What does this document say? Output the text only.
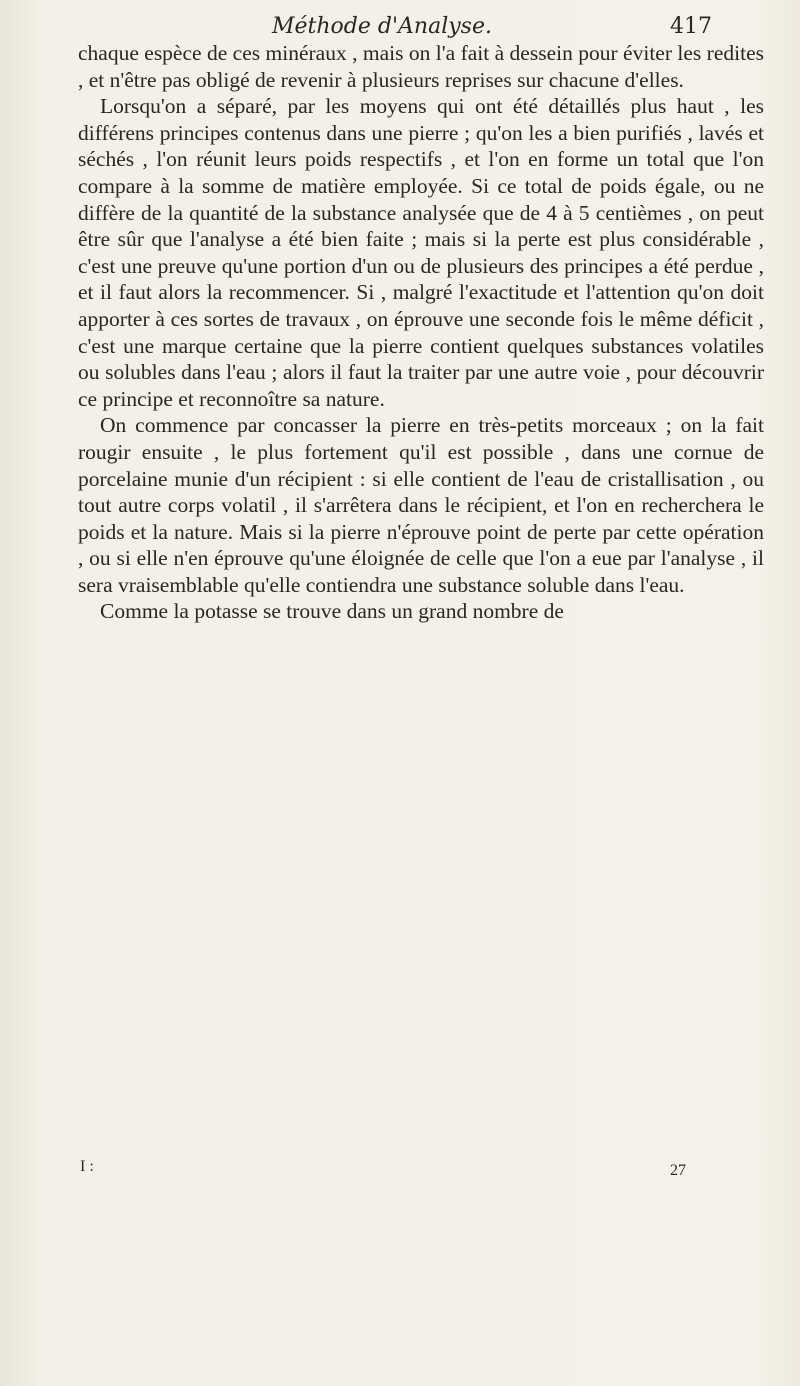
Méthode d'Analyse.	417

chaque espèce de ces minéraux , mais on l'a fait à dessein pour éviter les redites , et n'être pas obligé de revenir à plusieurs reprises sur chacune d'elles.

Lorsqu'on a séparé, par les moyens qui ont été détaillés plus haut , les différens principes contenus dans une pierre ; qu'on les a bien purifiés , lavés et séchés , l'on réunit leurs poids respectifs , et l'on en forme un total que l'on compare à la somme de matière employée. Si ce total de poids égale, ou ne diffère de la quantité de la substance analysée que de 4 à 5 centièmes , on peut être sûr que l'analyse a été bien faite ; mais si la perte est plus considérable , c'est une preuve qu'une portion d'un ou de plusieurs des principes a été perdue , et il faut alors la recommencer. Si , malgré l'exactitude et l'attention qu'on doit apporter à ces sortes de travaux , on éprouve une seconde fois le même déficit , c'est une marque certaine que la pierre contient quelques substances volatiles ou solubles dans l'eau ; alors il faut la traiter par une autre voie , pour découvrir ce principe et reconnoître sa nature.

On commence par concasser la pierre en très-petits morceaux ; on la fait rougir ensuite , le plus fortement qu'il est possible , dans une cornue de porcelaine munie d'un récipient : si elle contient de l'eau de cristallisation , ou tout autre corps volatil , il s'arrêtera dans le récipient, et l'on en recherchera le poids et la nature. Mais si la pierre n'éprouve point de perte par cette opération , ou si elle n'en éprouve qu'une éloignée de celle que l'on a eue par l'analyse , il sera vraisemblable qu'elle contiendra une substance soluble dans l'eau.

Comme la potasse se trouve dans un grand nombre de

I :	27
